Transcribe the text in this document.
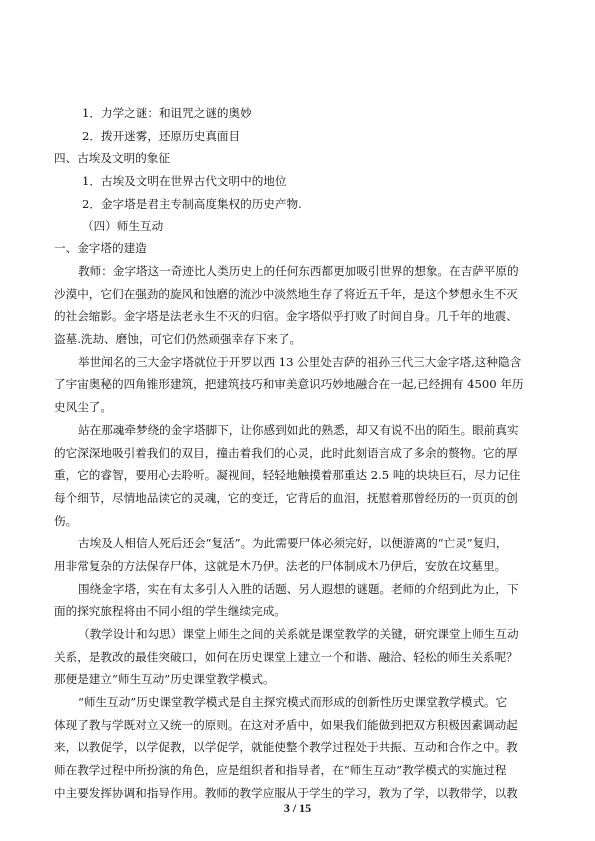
1．力学之谜：和诅咒之谜的奥妙
2．拨开迷雾，还原历史真面目
四、古埃及文明的象征
1．古埃及文明在世界古代文明中的地位
2．金字塔是君主专制高度集权的历史产物.
（四）师生互动
一、金字塔的建造
教师：金字塔这一奇迹比人类历史上的任何东西都更加吸引世界的想象。在吉萨平原的
沙漠中，它们在强劲的旋风和蚀磨的流沙中淡然地生存了将近五千年，是这个梦想永生不灭
的社会缩影。金字塔是法老永生不灭的归宿。金字塔似乎打败了时间自身。几千年的地震、
盗墓.洗劫、磨蚀，可它们仍然顽强幸存下来了。
举世闻名的三大金字塔就位于开罗以西 13 公里处吉萨的祖孙三代三大金字塔,这种隐含
了宇宙奥秘的四角锥形建筑，把建筑技巧和审美意识巧妙地融合在一起,已经拥有 4500 年历
史风尘了。
站在那魂牵梦绕的金字塔脚下，让你感到如此的熟悉，却又有说不出的陌生。眼前真实
的它深深地吸引着我们的双目，撞击着我们的心灵，此时此刻语言成了多余的赘物。它的厚
重，它的睿智，要用心去聆听。凝视间，轻轻地触摸着那重达 2.5 吨的块块巨石，尽力记住
每个细节，尽情地品读它的灵魂，它的变迁，它背后的血泪，抚慰着那曾经历的一页页的创
伤。
古埃及人相信人死后还会“复活”。为此需要尸体必须完好，以便游离的“亡灵”复归，
用非常复杂的方法保存尸体，这就是木乃伊。法老的尸体制成木乃伊后，安放在坟墓里。
围绕金字塔，实在有太多引人入胜的话题、另人遐想的谜题。老师的介绍到此为止，下
面的探究旅程将由不同小组的学生继续完成。
（教学设计和勾思）课堂上师生之间的关系就是课堂教学的关键，研究课堂上师生互动
关系，是教改的最佳突破口，如何在历史课堂上建立一个和谐、融洽、轻松的师生关系呢？
那便是建立“师生互动”历史课堂教学模式。
“师生互动”历史课堂教学模式是自主探究模式而形成的创新性历史课堂教学模式。它
体现了教与学既对立又统一的原则。在这对矛盾中，如果我们能做到把双方积极因素调动起
来，以教促学，以学促教，以学促学，就能使整个教学过程处于共振、互动和合作之中。教
师在教学过程中所扮演的角色，应是组织者和指导者，在“师生互动”教学模式的实施过程
中主要发挥协调和指导作用。教师的教学应服从于学生的学习，教为了学，以教带学，以教
3 / 15
